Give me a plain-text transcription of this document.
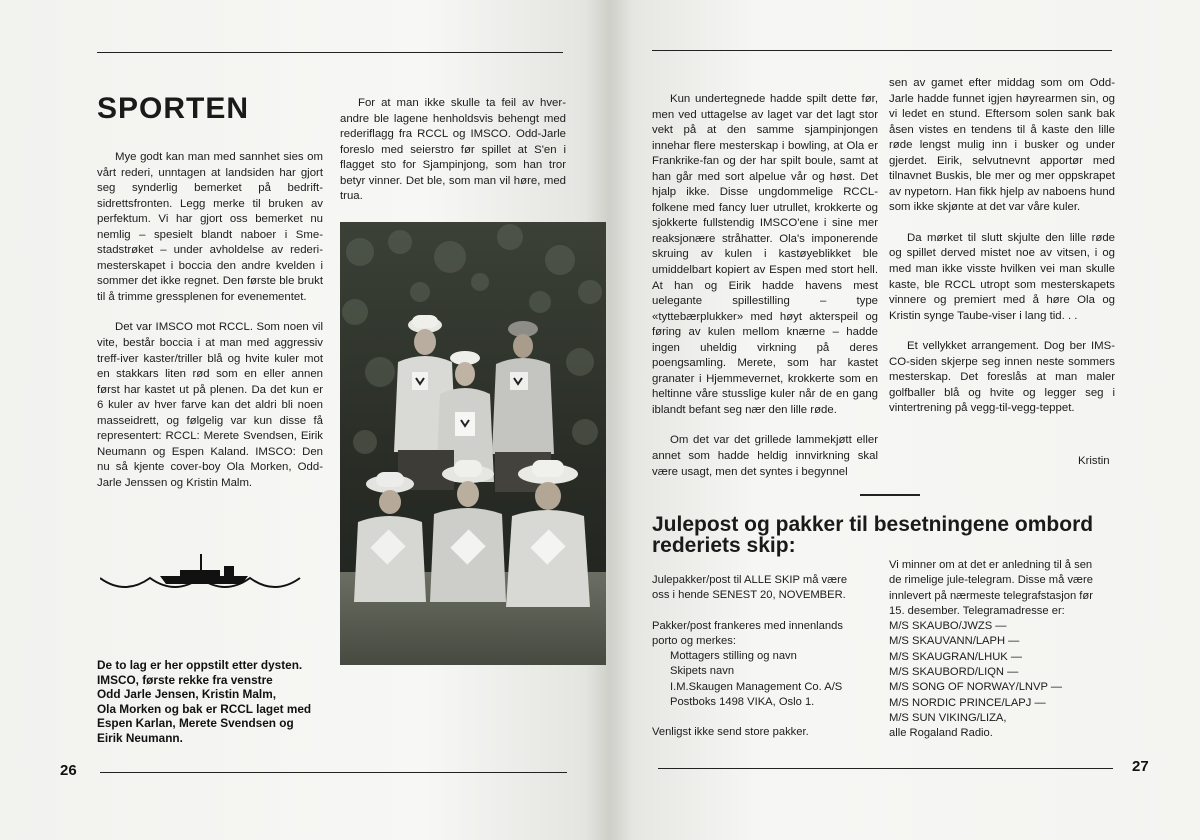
SPORTEN

Mye godt kan man med sannhet sies om vårt rederi, unntagen at landsiden har gjort seg synderlig bemerket på bedriftsidrettsfronten. Legg merke til bruken av perfektum. Vi har gjort oss bemerket nu nemlig – spesielt blandt naboer i Smestadstrøket – under avholdelse av rederimesterskapet i boccia den andre kvelden i sommer det ikke regnet. Den første ble brukt til å trimme gressplenen for evenementet.

Det var IMSCO mot RCCL. Som noen vil vite, består boccia i at man med aggressiv treff-iver kaster/triller blå og hvite kuler mot en stakkars liten rød som en eller annen først har kastet ut på plenen. Da det kun er 6 kuler av hver farve kan det aldri bli noen masseidrett, og følgelig var kun disse få representert: RCCL: Merete Svendsen, Eirik Neumann og Espen Kaland. IMSCO: Den nu så kjente cover-boy Ola Morken, Odd-Jarle Jenssen og Kristin Malm.

For at man ikke skulle ta feil av hverandre ble lagene henholdsvis behengt med rederiflagg fra RCCL og IMSCO. Odd-Jarle foreslo med seierstro før spillet at S'en i flagget sto for Sjampinjong, som han tror betyr vinner. Det ble, som man vil høre, med trua.

De to lag er her oppstilt etter dysten.
IMSCO, første rekke fra venstre
Odd Jarle Jensen, Kristin Malm,
Ola Morken og bak er RCCL laget med
Espen Karlan, Merete Svendsen og
Eirik Neumann.
26

Kun undertegnede hadde spilt dette før, men ved uttagelse av laget var det lagt stor vekt på at den samme sjampinjongen innehar flere mesterskap i bowling, at Ola er Frankrike-fan og der har spilt boule, samt at han går med sort alpelue vår og høst. Det hjalp ikke. Disse ungdommelige RCCL-folkene med fancy luer utrullet, krokkerte og sjokkerte fullstendig IMSCO'ene i sine mer reaksjonære stråhatter. Ola's imponerende skruing av kulen i kastøyeblikket ble umiddelbart kopiert av Espen med stort hell. At han og Eirik hadde havens mest uelegante spillestilling – type «tyttebærplukker» med høyt akterspeil og føring av kulen mellom knærne – hadde ingen uheldig virkning på deres poengsamling. Merete, som har kastet granater i Hjemmevernet, krokkerte som en heltinne våre stusslige kuler når de en gang iblandt befant seg nær den lille røde.

Om det var det grillede lammekjøtt eller annet som hadde heldig innvirkning skal være usagt, men det syntes i begynnel

sen av gamet efter middag som om Odd-Jarle hadde funnet igjen høyrearmen sin, og vi ledet en stund. Eftersom solen sank bak åsen vistes en tendens til å kaste den lille røde lengst mulig inn i busker og under gjerdet. Eirik, selvutnevnt apportør med tilnavnet Buskis, ble mer og mer oppskrapet av nypetorn. Han fikk hjelp av naboens hund som ikke skjønte at det var våre kuler.

Da mørket til slutt skjulte den lille røde og spillet derved mistet noe av vitsen, i og med man ikke visste hvilken vei man skulle kaste, ble RCCL utropt som mesterskapets vinnere og premiert med å høre Ola og Kristin synge Taube-viser i lang tid. . .

Et vellykket arrangement. Dog ber IMSCO-siden skjerpe seg innen neste sommers mesterskap. Det foreslås at man maler golfballer blå og hvite og legger seg i vintertrening på vegg-til-vegg-teppet.

Kristin
Julepost og pakker til besetningene ombord
rederiets skip:
Julepakker/post til ALLE SKIP må være
oss i hende SENEST 20, NOVEMBER.
Pakker/post frankeres med innenlands
porto og merkes:
Mottagers stilling og navn
Skipets navn
I.M.Skaugen Management Co. A/S
Postboks 1498 VIKA, Oslo 1.
Venligst ikke send store pakker.
Vi minner om at det er anledning til å sen
de rimelige jule-telegram. Disse må være
innlevert på nærmeste telegrafstasjon før
15. desember. Telegramadresse er:
M/S SKAUBO/JWZS —
M/S SKAUVANN/LAPH —
M/S SKAUGRAN/LHUK —
M/S SKAUBORD/LIQN —
M/S SONG OF NORWAY/LNVP —
M/S NORDIC PRINCE/LAPJ —
M/S SUN VIKING/LIZA,
alle Rogaland Radio.
27
